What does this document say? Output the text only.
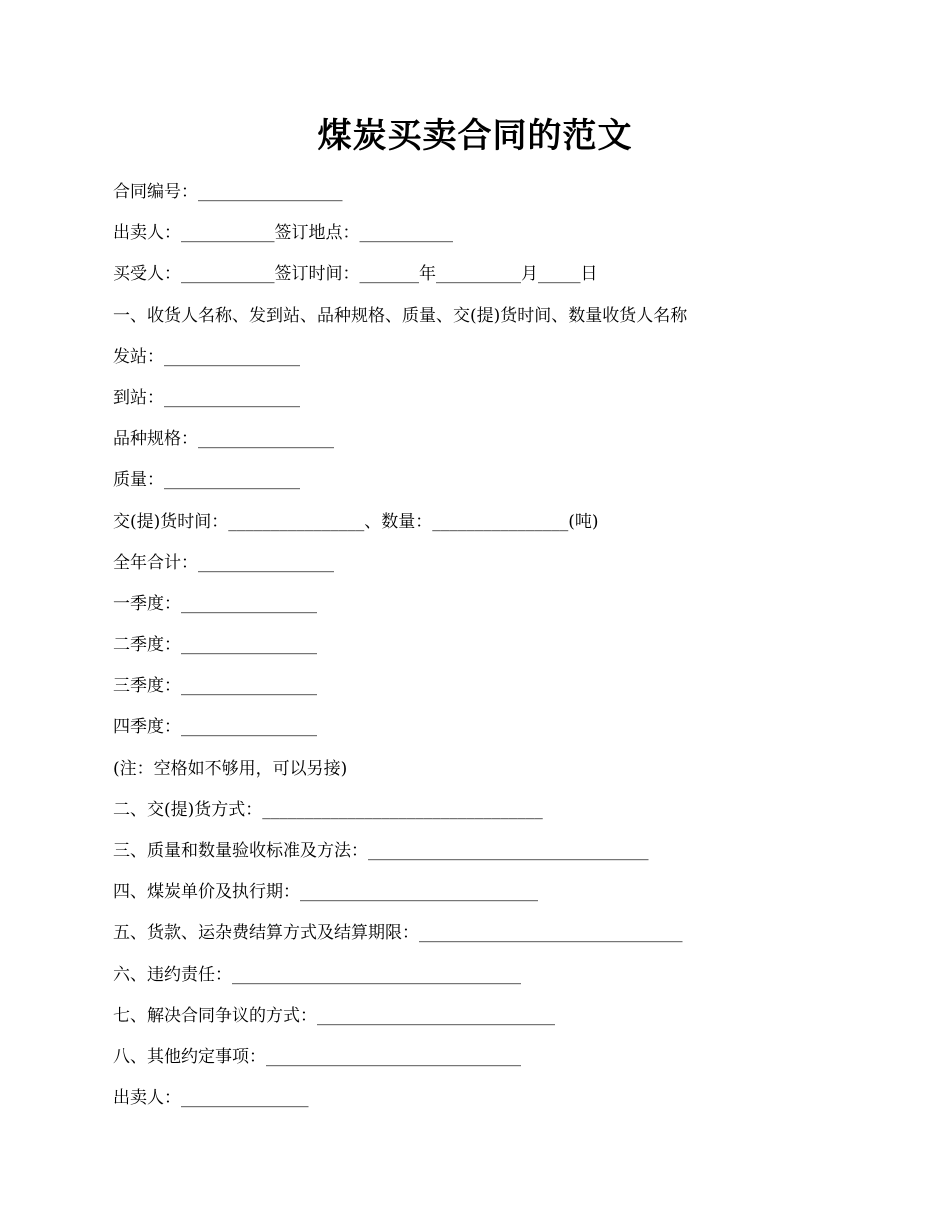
煤炭买卖合同的范文
合同编号：_________________
出卖人：___________签订地点：___________
买受人：___________签订时间：_______年__________月_____日
一、收货人名称、发到站、品种规格、质量、交(提)货时间、数量收货人名称
发站：________________
到站：________________
品种规格：________________
质量：________________
交(提)货时间：________________、数量：________________(吨)
全年合计：________________
一季度：________________
二季度：________________
三季度：________________
四季度：________________
(注：空格如不够用，可以另接)
二、交(提)货方式：_________________________________
三、质量和数量验收标准及方法：_________________________________
四、煤炭单价及执行期：____________________________
五、货款、运杂费结算方式及结算期限：_______________________________
六、违约责任：__________________________________
七、解决合同争议的方式：____________________________
八、其他约定事项：______________________________
出卖人：_______________
